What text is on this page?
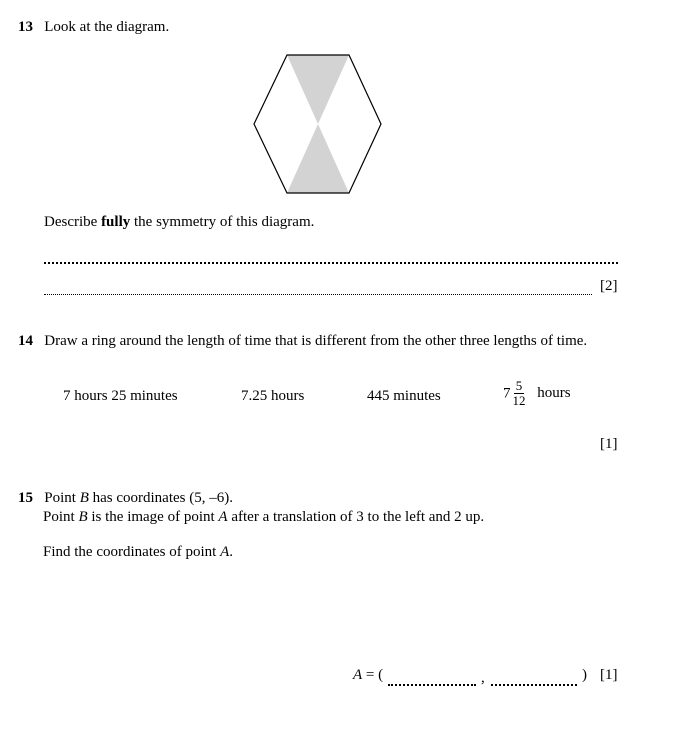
13 Look at the diagram.
Describe fully the symmetry of this diagram.
[2]
14 Draw a ring around the length of time that is different from the other three lengths of time.
7 hours 25 minutes	7.25 hours	445 minutes	$7 \frac{5}{12}$ hours
[1]
15 Point B has coordinates (5, –6).
Point B is the image of point A after a translation of 3 to the left and 2 up.
Find the coordinates of point A.
A = (	,	) [1]
